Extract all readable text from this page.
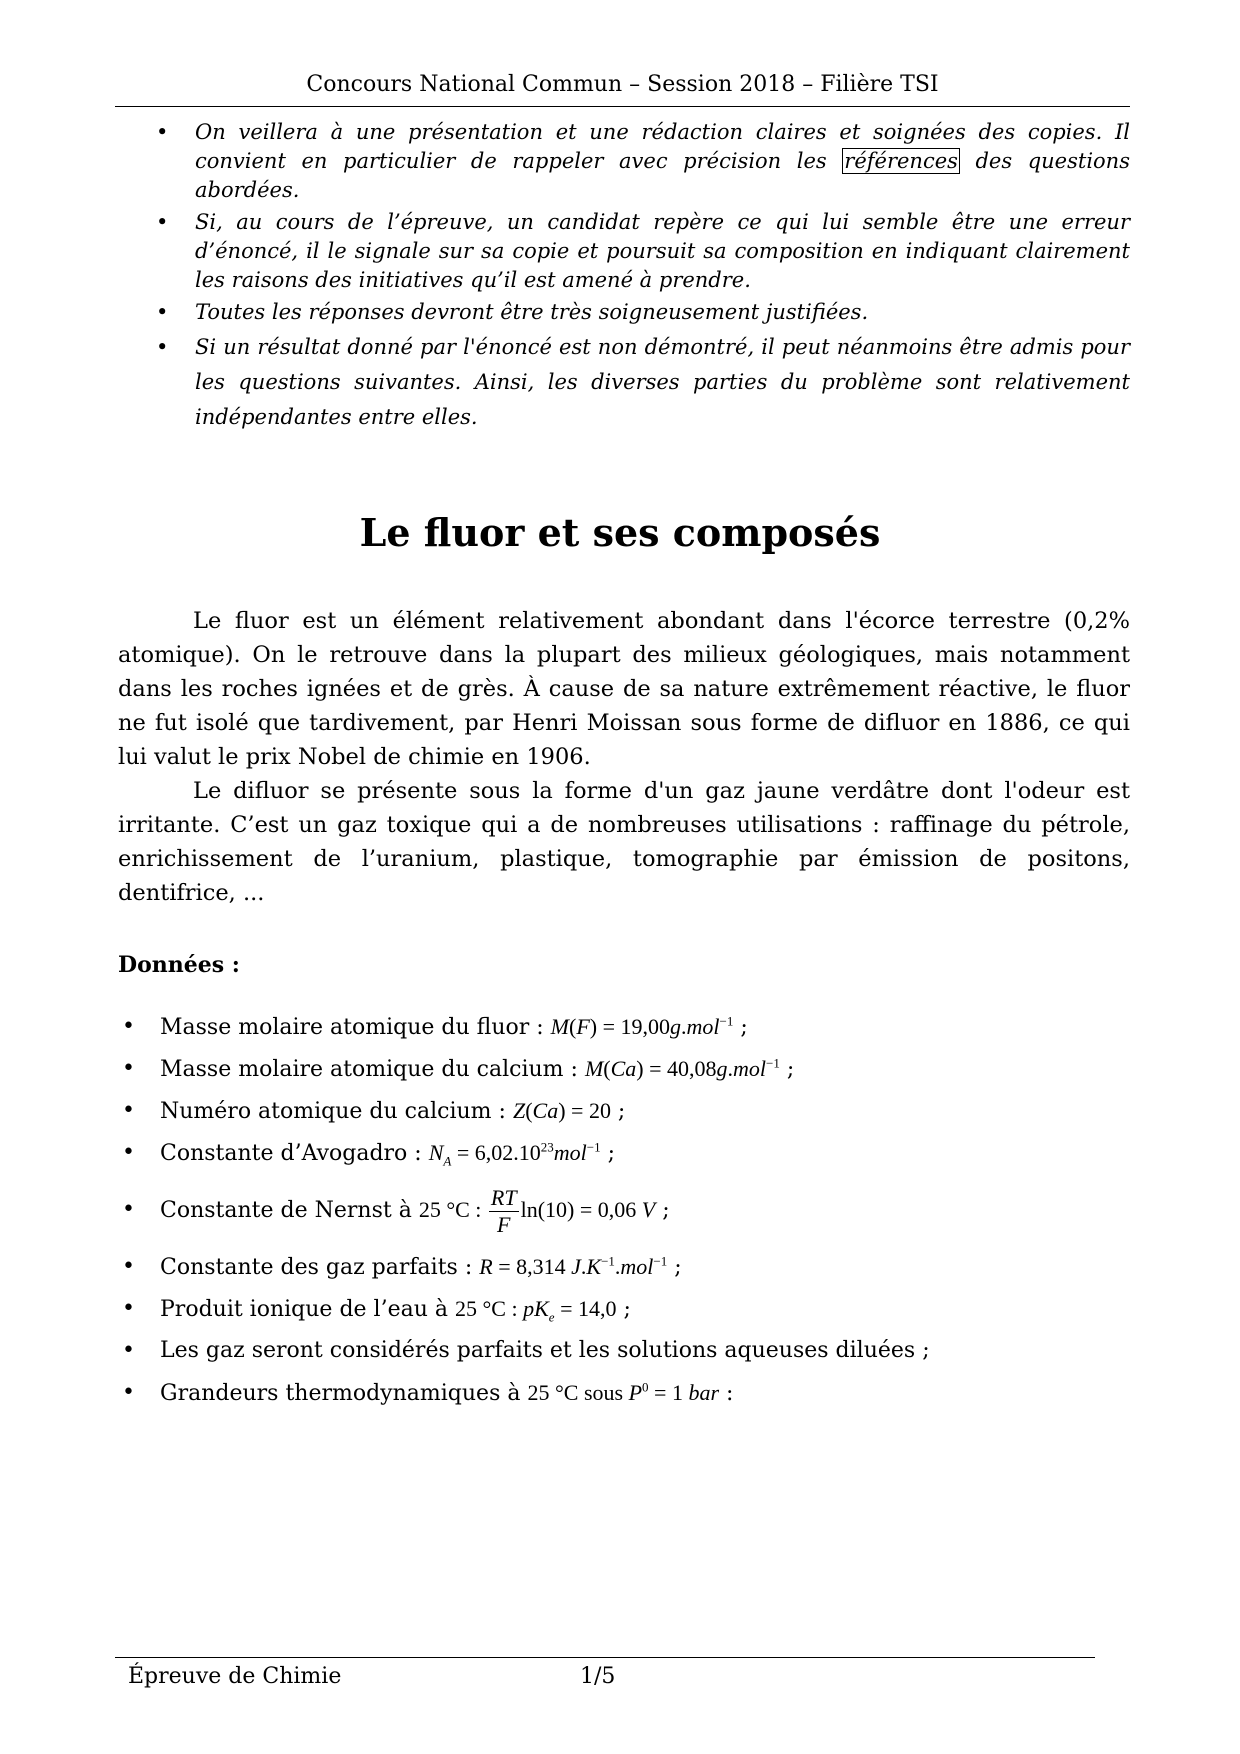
Concours National Commun – Session 2018 – Filière TSI
• On veillera à une présentation et une rédaction claires et soignées des copies. Il convient en particulier de rappeler avec précision les références des questions abordées.
• Si, au cours de l’épreuve, un candidat repère ce qui lui semble être une erreur d’énoncé, il le signale sur sa copie et poursuit sa composition en indiquant clairement les raisons des initiatives qu’il est amené à prendre.
• Toutes les réponses devront être très soigneusement justifiées.
• Si un résultat donné par l'énoncé est non démontré, il peut néanmoins être admis pour les questions suivantes. Ainsi, les diverses parties du problème sont relativement indépendantes entre elles.
Le fluor et ses composés

Le fluor est un élément relativement abondant dans l'écorce terrestre (0,2% atomique). On le retrouve dans la plupart des milieux géologiques, mais notamment dans les roches ignées et de grès. À cause de sa nature extrêmement réactive, le fluor ne fut isolé que tardivement, par Henri Moissan sous forme de difluor en 1886, ce qui lui valut le prix Nobel de chimie en 1906.

Le difluor se présente sous la forme d'un gaz jaune verdâtre dont l'odeur est irritante. C’est un gaz toxique qui a de nombreuses utilisations : raffinage du pétrole, enrichissement de l’uranium, plastique, tomographie par émission de positons, dentifrice, ...

Données :
• Masse molaire atomique du fluor : M(F) = 19,00g.mol$^{-1}$ ;
• Masse molaire atomique du calcium : M(Ca) = 40,08g.mol$^{-1}$ ;
• Numéro atomique du calcium : Z(Ca) = 20 ;
• Constante d’Avogadro : $N_A = 6,02.10^{23}mol^{-1}$ ;
• Constante de Nernst à 25 °C : $\frac{RT}{F} \ln(10) = 0,06$ V ;
• Constante des gaz parfaits : R = 8,314 $J.K^{-1}.mol^{-1}$ ;
• Produit ionique de l’eau à 25 °C : $pK_e = 14,0$ ;
• Les gaz seront considérés parfaits et les solutions aqueuses diluées ;
• Grandeurs thermodynamiques à 25 °C sous $P^0 = 1$ bar :
Épreuve de Chimie	1/5
